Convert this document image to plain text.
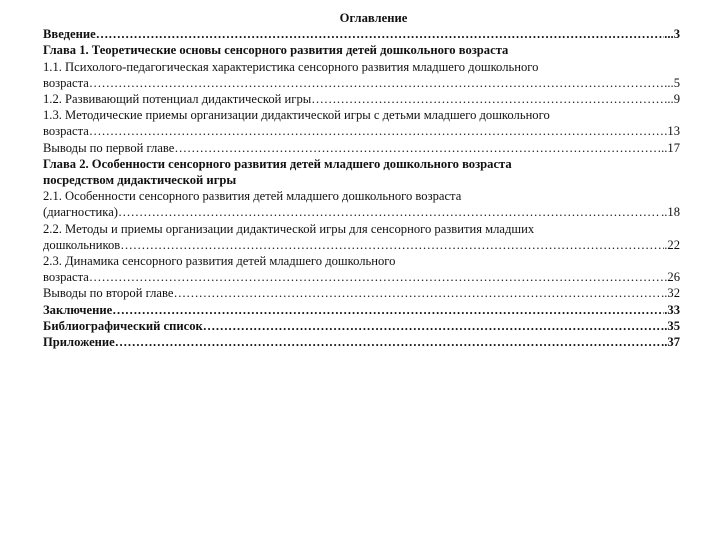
Оглавление
Введение ……………………………………………………………………………………………………………………………………………………………………………………………………………………	...3
Глава 1. Теоретические основы сенсорного развития детей дошкольного возраста
1.1. Психолого-педагогическая характеристика сенсорного развития младшего дошкольного
возраста ……………………………………………………………………………………………………………………………………………………………………………………………………………………	...5
1.2. Развивающий потенциал дидактической игры ……………………………………………………………………………………………………………………………………………………………………………………………………………………	...9
1.3. Методические приемы организации дидактической игры с детьми младшего дошкольного
возраста ……………………………………………………………………………………………………………………………………………………………………………………………………………………	.13
Выводы по первой главе ……………………………………………………………………………………………………………………………………………………………………………………………………………………	..17
Глава 2. Особенности сенсорного развития детей младшего дошкольного возраста
посредством дидактической игры
2.1. Особенности сенсорного развития детей младшего дошкольного возраста
(диагностика) ……………………………………………………………………………………………………………………………………………………………………………………………………………………	..18
2.2. Методы и приемы организации дидактической игры для сенсорного развития младших
дошкольников ……………………………………………………………………………………………………………………………………………………………………………………………………………………	.22
2.3. Динамика сенсорного развития детей младшего дошкольного
возраста ……………………………………………………………………………………………………………………………………………………………………………………………………………………	.26
Выводы по второй главе ……………………………………………………………………………………………………………………………………………………………………………………………………………………	..32
Заключение ……………………………………………………………………………………………………………………………………………………………………………………………………………………	.33
Библиографический список ……………………………………………………………………………………………………………………………………………………………………………………………………………………	.35
Приложение ……………………………………………………………………………………………………………………………………………………………………………………………………………………	..37
